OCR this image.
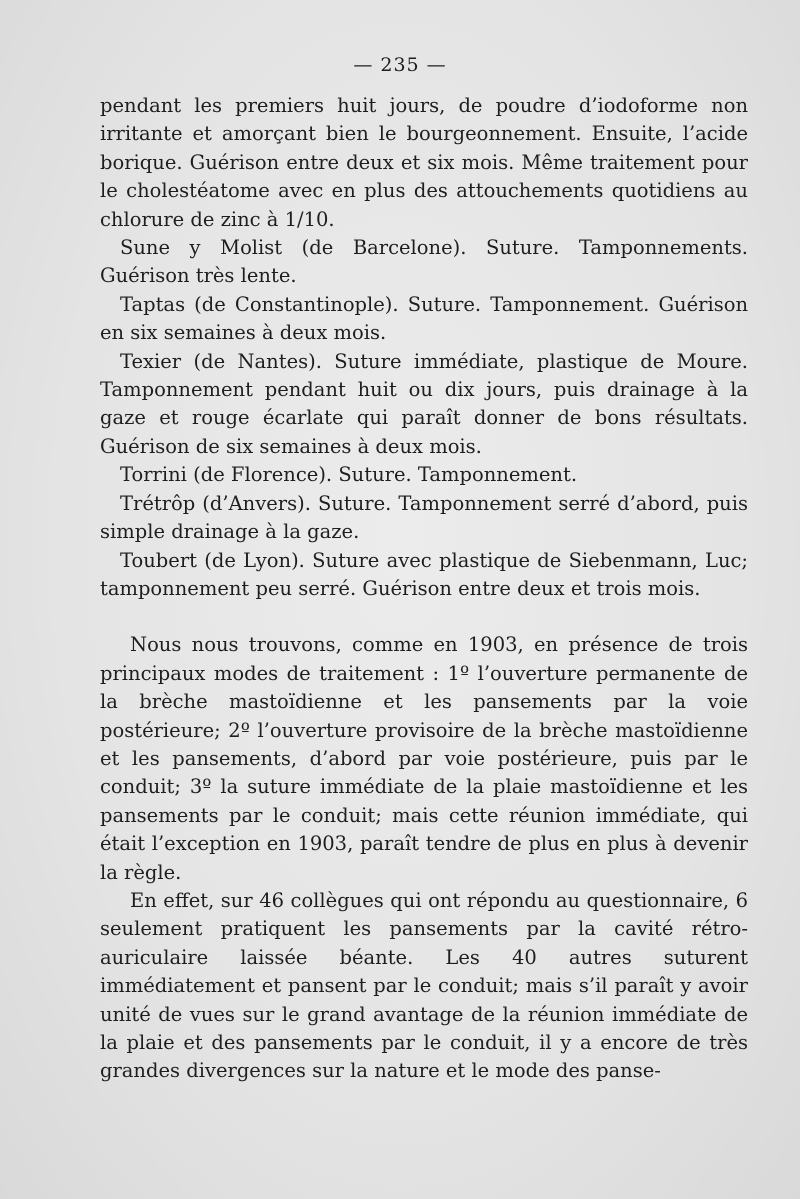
— 235 —

pendant les premiers huit jours, de poudre d’iodoforme non irritante et amorçant bien le bourgeonnement. Ensuite, l’acide borique. Guérison entre deux et six mois. Même traitement pour le cholestéatome avec en plus des attouchements quotidiens au chlorure de zinc à 1/10.

Sune y Molist (de Barcelone). Suture. Tamponnements. Guérison très lente.

Taptas (de Constantinople). Suture. Tamponnement. Guérison en six semaines à deux mois.

Texier (de Nantes). Suture immédiate, plastique de Moure. Tamponnement pendant huit ou dix jours, puis drainage à la gaze et rouge écarlate qui paraît donner de bons résultats. Guérison de six semaines à deux mois.

Torrini (de Florence). Suture. Tamponnement.

Trétrôp (d’Anvers). Suture. Tamponnement serré d’abord, puis simple drainage à la gaze.

Toubert (de Lyon). Suture avec plastique de Siebenmann, Luc; tamponnement peu serré. Guérison entre deux et trois mois.

Nous nous trouvons, comme en 1903, en présence de trois principaux modes de traitement : 1º l’ouverture permanente de la brèche mastoïdienne et les pansements par la voie postérieure; 2º l’ouverture provisoire de la brèche mastoïdienne et les pansements, d’abord par voie postérieure, puis par le conduit; 3º la suture immédiate de la plaie mastoïdienne et les pansements par le conduit; mais cette réunion immédiate, qui était l’exception en 1903, paraît tendre de plus en plus à devenir la règle.

En effet, sur 46 collègues qui ont répondu au questionnaire, 6 seulement pratiquent les pansements par la cavité rétro-auriculaire laissée béante. Les 40 autres suturent immédiatement et pansent par le conduit; mais s’il paraît y avoir unité de vues sur le grand avantage de la réunion immédiate de la plaie et des pansements par le conduit, il y a encore de très grandes divergences sur la nature et le mode des panse-
